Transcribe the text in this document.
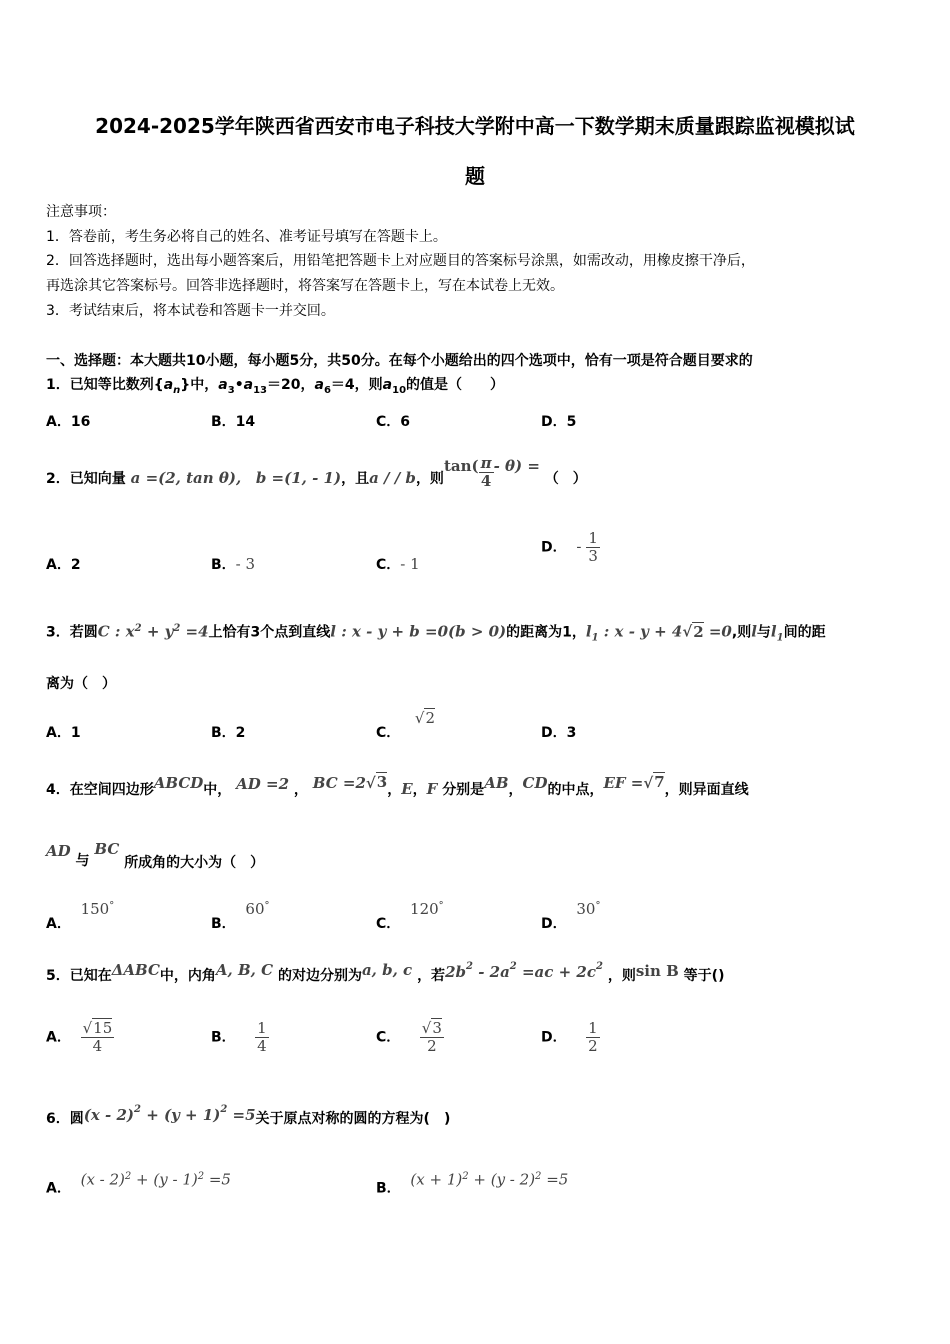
2024-2025学年陕西省西安市电子科技大学附中高一下数学期末质量跟踪监视模拟试
题
注意事项：
1．答卷前，考生务必将自己的姓名、准考证号填写在答题卡上。
2．回答选择题时，选出每小题答案后，用铅笔把答题卡上对应题目的答案标号涂黑，如需改动，用橡皮擦干净后，
再选涂其它答案标号。回答非选择题时，将答案写在答题卡上，写在本试卷上无效。
3．考试结束后，将本试卷和答题卡一并交回。
一、选择题：本大题共10小题，每小题5分，共50分。在每个小题给出的四个选项中，恰有一项是符合题目要求的
1．已知等比数列$\{a_n\}$中，$a_3•a_{13}=20$，$a_6=4$，则$a_{10}$的值是（　　）
A．16	B．14	C．6	D．5
2．已知向量 a =(2, tan θ), b =(1, - 1)，且a / / b，则$\tan( \frac{\pi}{4} - \theta)$ = （　）
A．2	B．- 3	C．- 1
D． - $\frac{1}{3}$
3．若圆C : $x^2 + y^2 =4$上恰有3个点到直线l : x - y + b =0(b > 0)的距离为1，$l_1$ : x - y + 4√2 =0,则l与$l_1$间的距
离为（　）
A．1	B．2	C．   √2
D．3
4．在空间四边形ABCD中， AD =2 ， BC =2√3，E，F 分别是AB，CD的中点，EF =√7，则异面直线
AD 与 BC 所成角的大小为（　）
A．  150°
B．  60°
C．  120°
D．  30°
5．已知在ΔABC中，内角A, B, C 的对边分别为a, b, c ，若$2b^2 - 2a^2 =ac + 2c^2$ ，则sin B 等于()
A． $\frac{√15}{4}$	B． $\frac{1}{4}$	C． $\frac{√3}{2}$	D． $\frac{1}{2}$
6．圆$(x - 2)^2 + (y + 1)^2 =5$关于原点对称的圆的方程为(　)
A． (x - 2)$^2$ + (y - 1)$^2$ =5	B． $(x + 1)^2 + (y - 2)^2 =5$
